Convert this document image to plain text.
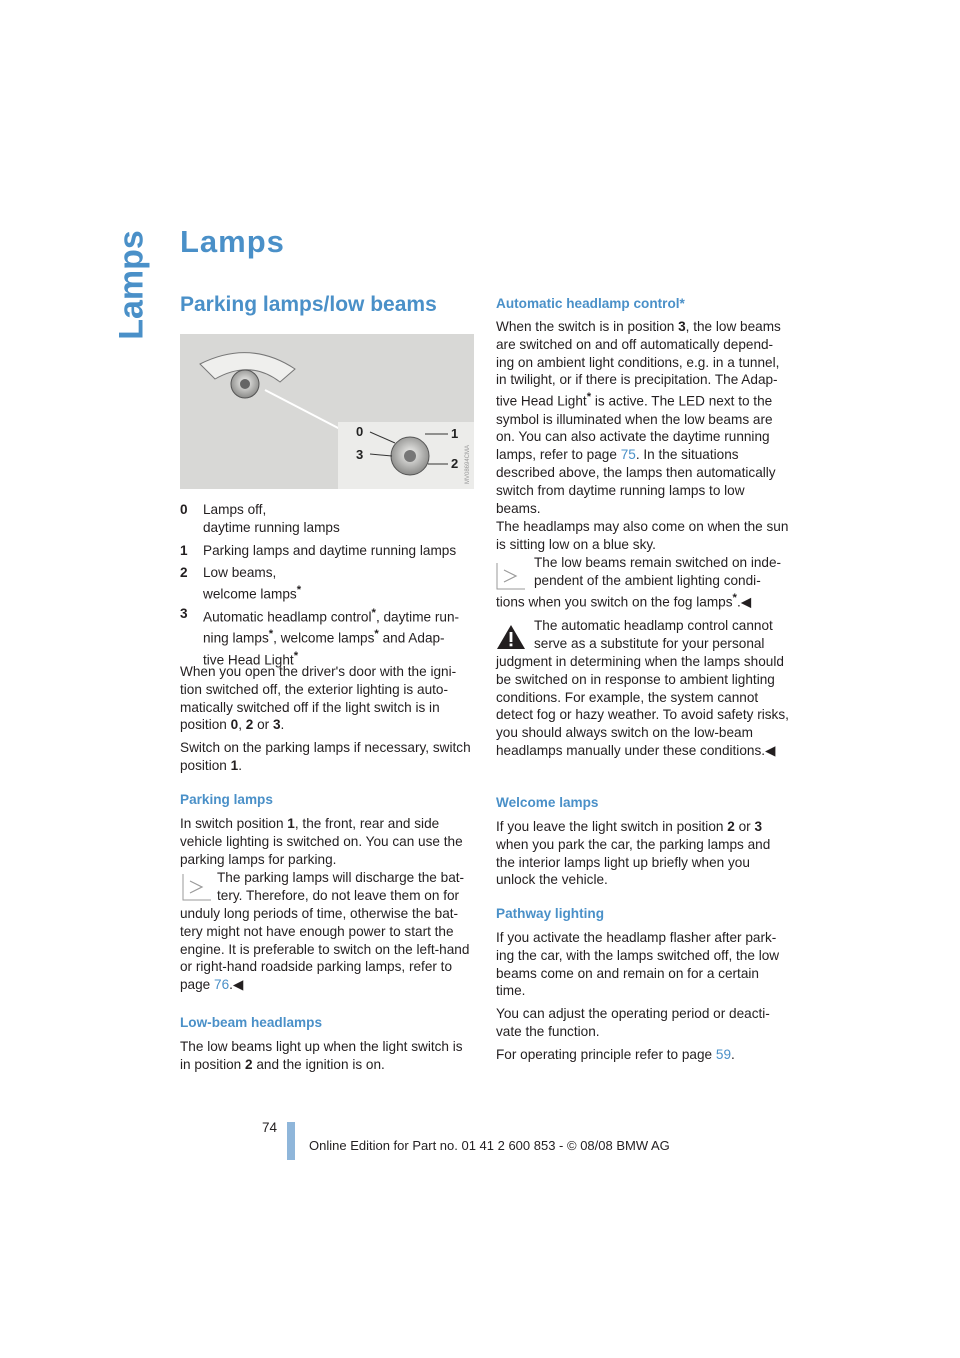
Lamps Lamps
Parking lamps/low beams
0	1
3
2 MV08694CMA
0 Lamps off,
daytime running lamps
1 Parking lamps and daytime running lamps
2 Low beams,
welcome lamps*
3 Automatic headlamp control*, daytime run-
ning lamps*, welcome lamps* and Adap-
tive Head Light*

When you open the driver's door with the igni-tion switched off, the exterior lighting is auto-matically switched off if the light switch is in position 0, 2 or 3.

Switch on the parking lamps if necessary, switch position 1.

Parking lamps

In switch position 1, the front, rear and side vehicle lighting is switched on. You can use the parking lamps for parking.

The parking lamps will discharge the bat-tery. Therefore, do not leave them on for

unduly long periods of time, otherwise the bat-tery might not have enough power to start the engine. It is preferable to switch on the left-hand or right-hand roadside parking lamps, refer to page 76.◀

Low-beam headlamps

The low beams light up when the light switch is in position 2 and the ignition is on.

Automatic headlamp control*

When the switch is in position 3, the low beams are switched on and off automatically depend-ing on ambient light conditions, e.g. in a tunnel, in twilight, or if there is precipitation. The Adap-tive Head Light* is active. The LED next to the symbol is illuminated when the low beams are on. You can also activate the daytime running lamps, refer to page 75. In the situations described above, the lamps then automatically switch from daytime running lamps to low beams.

The headlamps may also come on when the sun is sitting low on a blue sky.

The low beams remain switched on inde-pendent of the ambient lighting condi-

tions when you switch on the fog lamps*.◀

The automatic headlamp control cannot serve as a substitute for your personal

judgment in determining when the lamps should be switched on in response to ambient lighting conditions. For example, the system cannot detect fog or hazy weather. To avoid safety risks, you should always switch on the low-beam headlamps manually under these conditions.◀

Welcome lamps

If you leave the light switch in position 2 or 3 when you park the car, the parking lamps and the interior lamps light up briefly when you unlock the vehicle.

Pathway lighting

If you activate the headlamp flasher after park-ing the car, with the lamps switched off, the low beams come on and remain on for a certain time.

You can adjust the operating period or deacti-vate the function.

For operating principle refer to page 59.

74
Online Edition for Part no. 01 41 2 600 853 - © 08/08 BMW AG
